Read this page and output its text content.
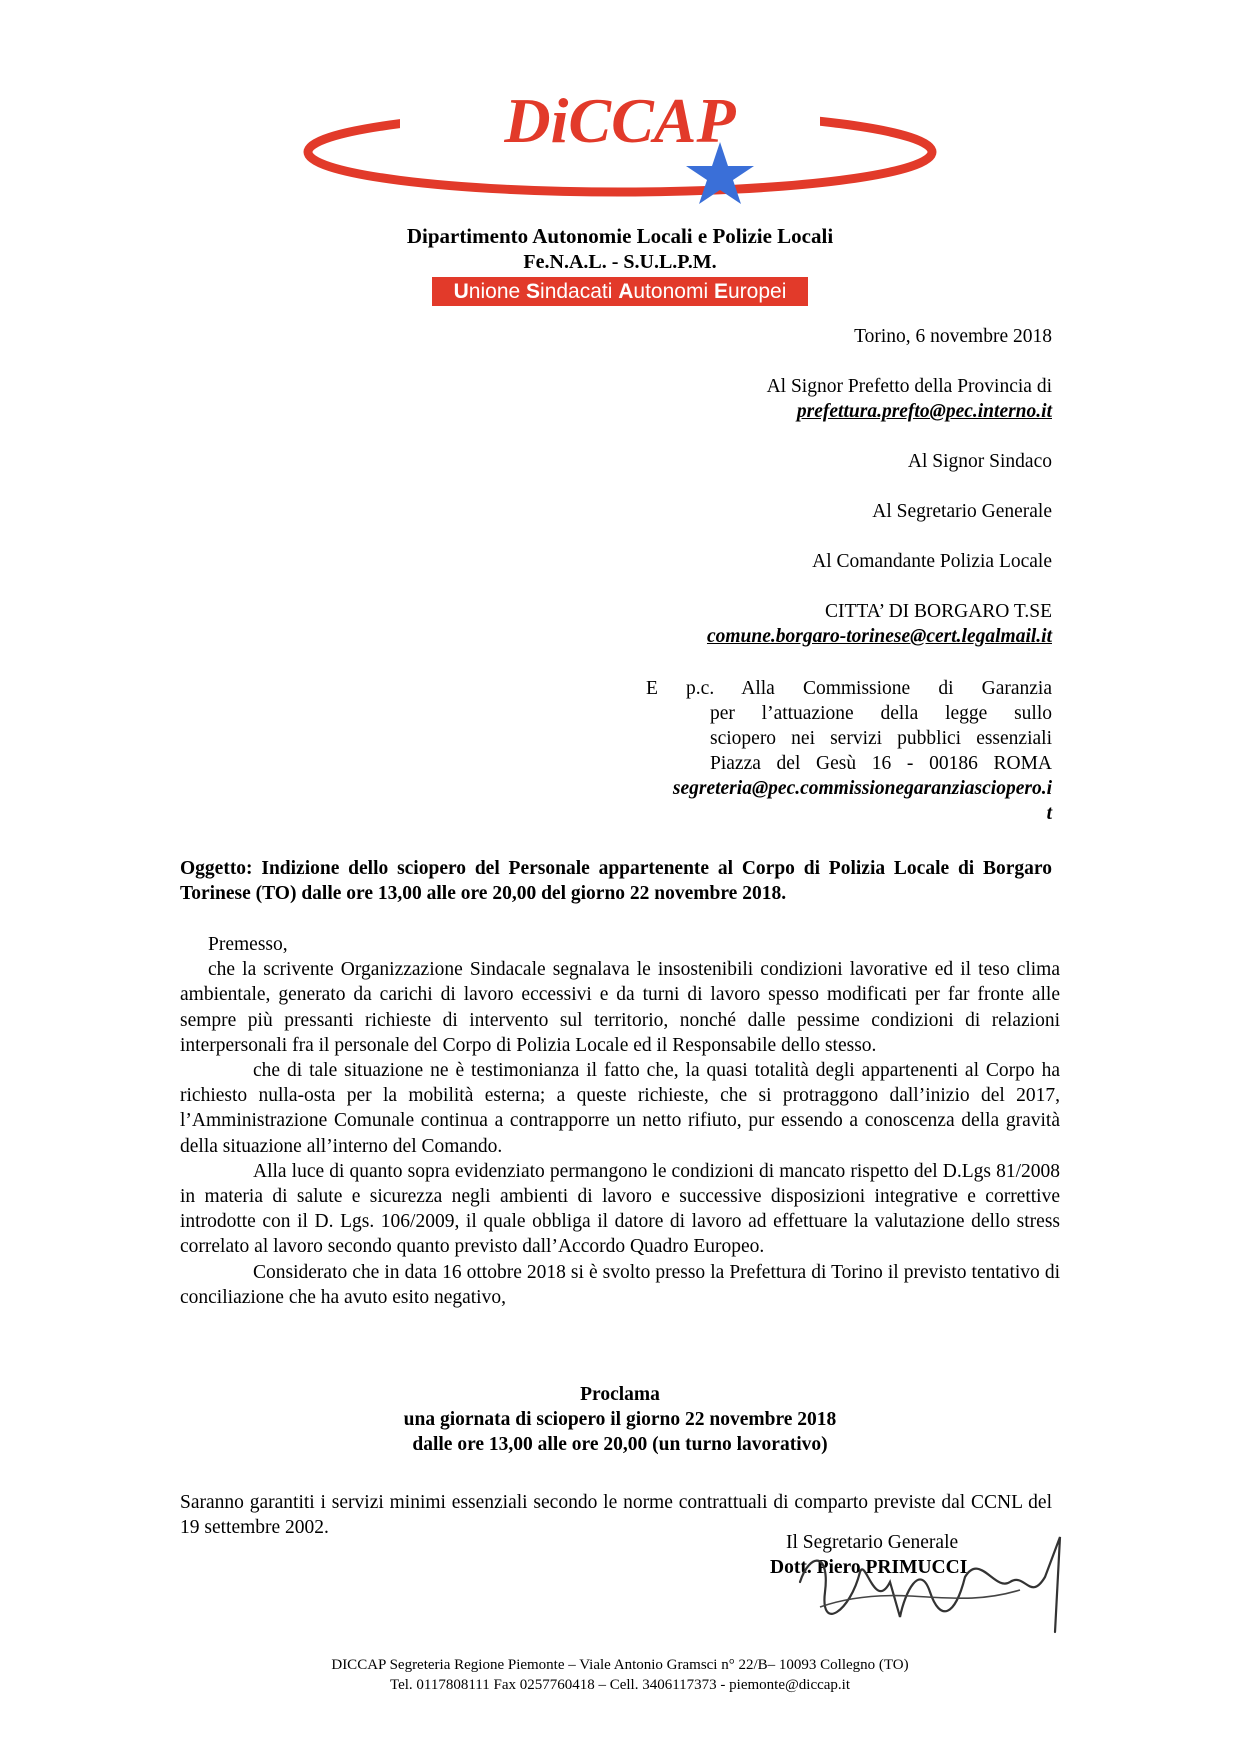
DiCCAP
Dipartimento Autonomie Locali e Polizie Locali
Fe.N.A.L. - S.U.L.P.M.
Unione Sindacati Autonomi Europei
Torino, 6 novembre 2018
Al Signor Prefetto della Provincia di
prefettura.prefto@pec.interno.it
Al Signor Sindaco
Al Segretario Generale
Al Comandante Polizia Locale
CITTA’ DI BORGARO T.SE
comune.borgaro-torinese@cert.legalmail.it
E p.c. Alla Commissione di Garanzia
per l’attuazione della legge sullo
sciopero nei servizi pubblici essenziali
Piazza del Gesù 16 - 00186 ROMA
segreteria@pec.commissionegaranziasciopero.i
t
Oggetto: Indizione dello sciopero del Personale appartenente al Corpo di Polizia Locale di Borgaro Torinese (TO) dalle ore 13,00 alle ore 20,00 del giorno 22 novembre 2018.

Premesso,

che la scrivente Organizzazione Sindacale segnalava le insostenibili condizioni lavorative ed il teso clima ambientale, generato da carichi di lavoro eccessivi e da turni di lavoro spesso modificati per far fronte alle sempre più pressanti richieste di intervento sul territorio, nonché dalle pessime condizioni di relazioni interpersonali fra il personale del Corpo di Polizia Locale ed il Responsabile dello stesso.

che di tale situazione ne è testimonianza il fatto che, la quasi totalità degli appartenenti al Corpo ha richiesto nulla-osta per la mobilità esterna; a queste richieste, che si protraggono dall’inizio del 2017, l’Amministrazione Comunale continua a contrapporre un netto rifiuto, pur essendo a conoscenza della gravità della situazione all’interno del Comando.

Alla luce di quanto sopra evidenziato permangono le condizioni di mancato rispetto del D.Lgs 81/2008 in materia di salute e sicurezza negli ambienti di lavoro e successive disposizioni integrative e correttive introdotte con il D. Lgs. 106/2009, il quale obbliga il datore di lavoro ad effettuare la valutazione dello stress correlato al lavoro secondo quanto previsto dall’Accordo Quadro Europeo.

Considerato che in data 16 ottobre 2018 si è svolto presso la Prefettura di Torino il previsto tentativo di conciliazione che ha avuto esito negativo,

Proclama
una giornata di sciopero il giorno 22 novembre 2018
dalle ore 13,00 alle ore 20,00 (un turno lavorativo)
Saranno garantiti i servizi minimi essenziali secondo le norme contrattuali di comparto previste dal CCNL del 19 settembre 2002.
Il Segretario Generale
Dott. Piero PRIMUCCI
DICCAP Segreteria Regione Piemonte – Viale Antonio Gramsci n° 22/B– 10093 Collegno (TO)
Tel. 0117808111 Fax 0257760418 – Cell. 3406117373 - piemonte@diccap.it
